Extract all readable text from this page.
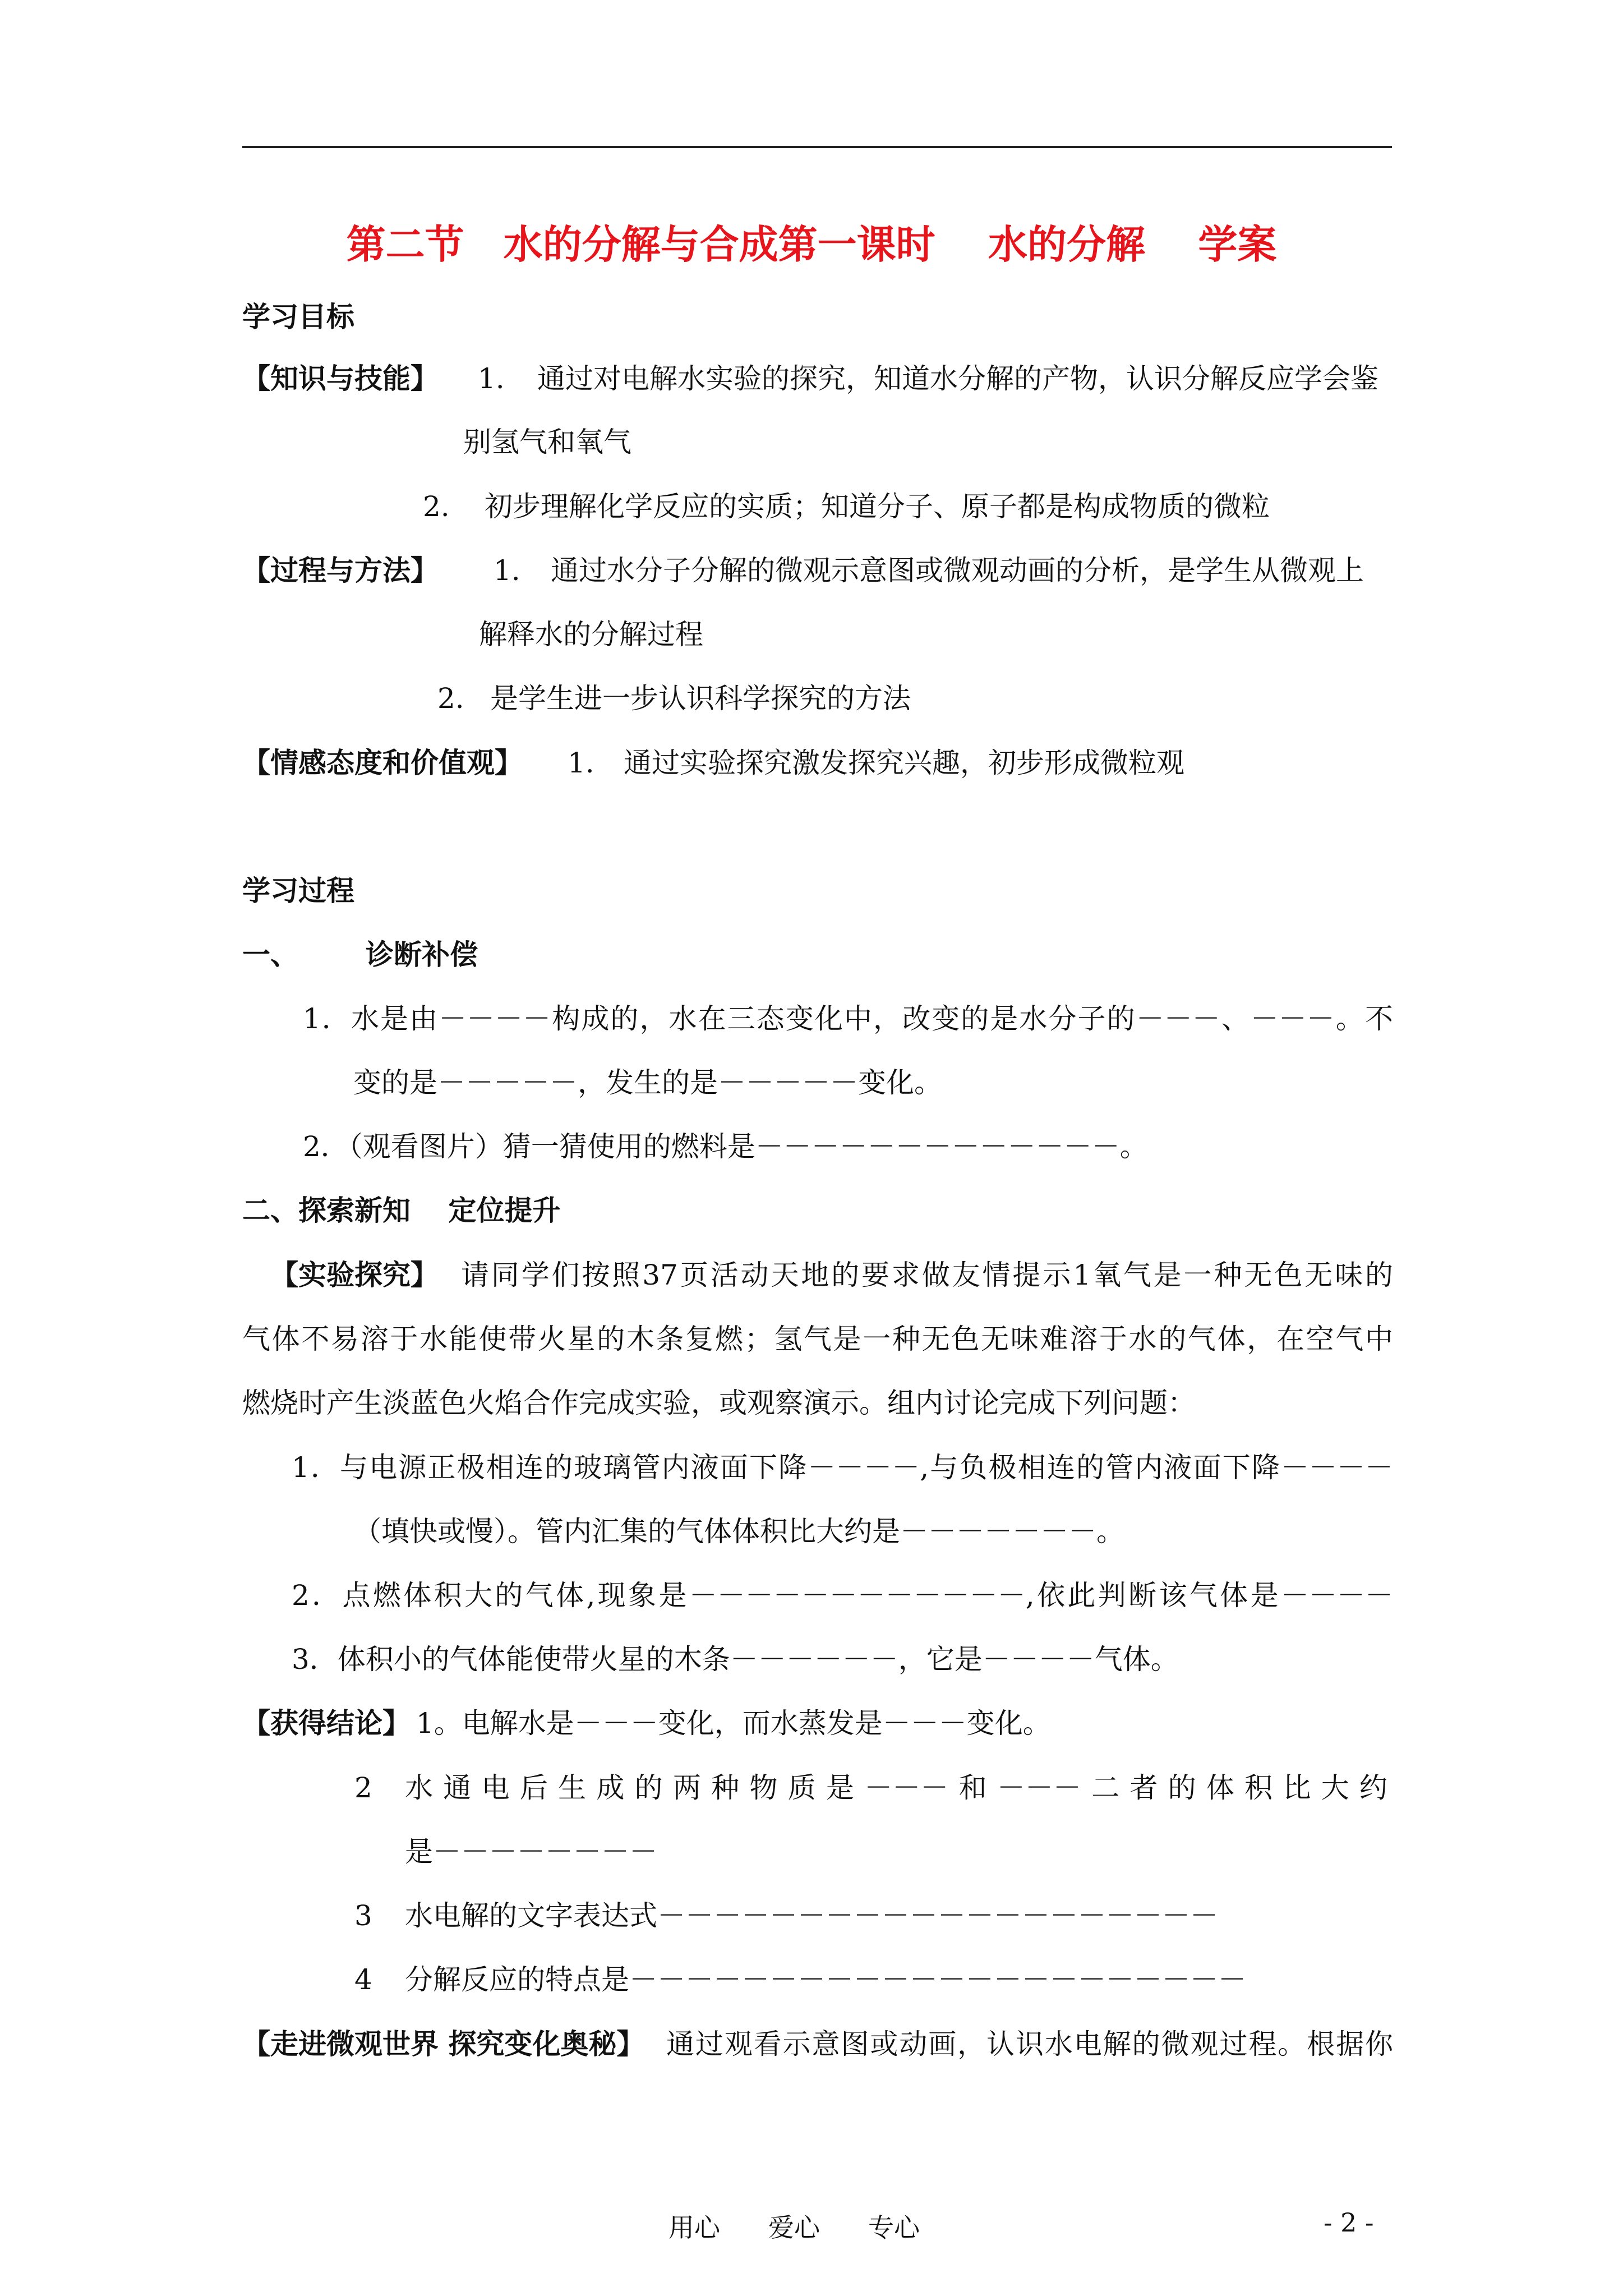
第二节　水的分解与合成第一课时　 水的分解 　学案
学习目标
【知识与技能】 1. 通过对电解水实验的探究，知道水分解的产物，认识分解反应学会鉴
别氢气和氧气
2. 初步理解化学反应的实质；知道分子、原子都是构成物质的微粒
【过程与方法】 1. 通过水分子分解的微观示意图或微观动画的分析，是学生从微观上
解释水的分解过程
2. 是学生进一步认识科学探究的方法
【情感态度和价值观】 1. 通过实验探究激发探究兴趣，初步形成微粒观
学习过程
一、 诊断补偿
1．水是由－－－－构成的，水在三态变化中，改变的是水分子的－－－、－－－。不
变的是－－－－－，发生的是－－－－－变化。
2．（观看图片）猜一猜使用的燃料是－－－－－－－－－－－－－。
二、探索新知　 定位提升
【实验探究】 请同学们按照37页活动天地的要求做友情提示1氧气是一种无色无味的
气体不易溶于水能使带火星的木条复燃；氢气是一种无色无味难溶于水的气体，在空气中
燃烧时产生淡蓝色火焰合作完成实验，或观察演示。组内讨论完成下列问题：
1．与电源正极相连的玻璃管内液面下降－－－－,与负极相连的管内液面下降－－－－
（填快或慢）。管内汇集的气体体积比大约是－－－－－－－。
2．点燃体积大的气体,现象是－－－－－－－－－－－－,依此判断该气体是－－－－
3．体积小的气体能使带火星的木条－－－－－－，它是－－－－气体。
【获得结论】 1。电解水是－－－变化，而水蒸发是－－－变化。
2 水通电后生成的两种物质是－－－和－－－二者的体积比大约
是－－－－－－－－
3 水电解的文字表达式－－－－－－－－－－－－－－－－－－－－
4 分解反应的特点是－－－－－－－－－－－－－－－－－－－－－－
【走进微观世界 探究变化奥秘】 通过观看示意图或动画，认识水电解的微观过程。根据你
用心 爱心 专心	- 2 -
